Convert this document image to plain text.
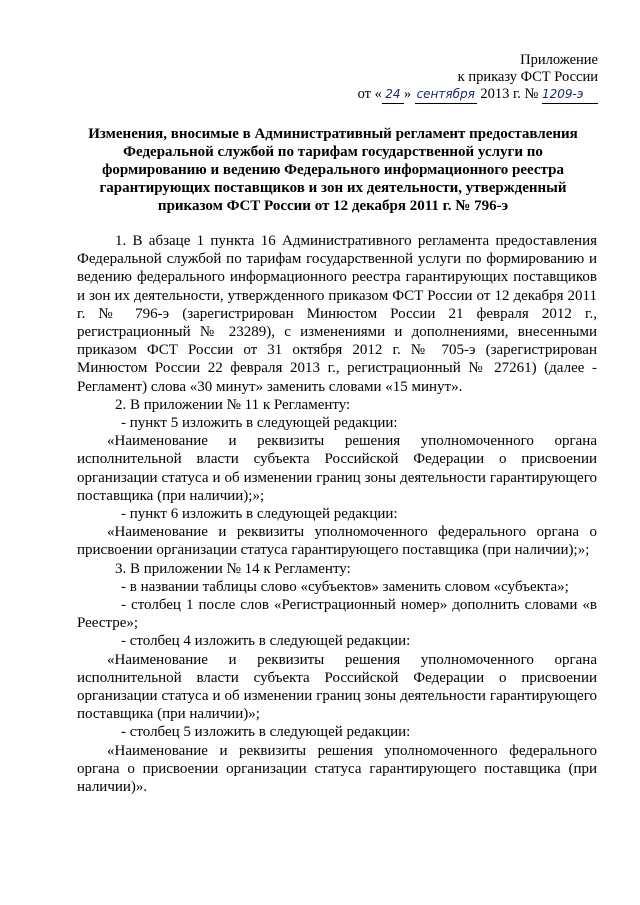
Приложение
к приказу ФСТ России
от « 24 » сентября 2013 г. № 1209-э
Изменения, вносимые в Административный регламент предоставления Федеральной службой по тарифам государственной услуги по формированию и ведению Федерального информационного реестра гарантирующих поставщиков и зон их деятельности, утвержденный приказом ФСТ России от 12 декабря 2011 г. № 796-э

1. В абзаце 1 пункта 16 Административного регламента предоставления Федеральной службой по тарифам государственной услуги по формированию и ведению федерального информационного реестра гарантирующих поставщиков и зон их деятельности, утвержденного приказом ФСТ России от 12 декабря 2011 г. № 796-э (зарегистрирован Минюстом России 21 февраля 2012 г., регистрационный № 23289), с изменениями и дополнениями, внесенными приказом ФСТ России от 31 октября 2012 г. № 705-э (зарегистрирован Минюстом России 22 февраля 2013 г., регистрационный № 27261) (далее - Регламент) слова «30 минут» заменить словами «15 минут».

2. В приложении № 11 к Регламенту:

- пункт 5 изложить в следующей редакции:

«Наименование и реквизиты решения уполномоченного органа исполнительной власти субъекта Российской Федерации о присвоении организации статуса и об изменении границ зоны деятельности гарантирующего поставщика (при наличии);»;

- пункт 6 изложить в следующей редакции:

«Наименование и реквизиты уполномоченного федерального органа о присвоении организации статуса гарантирующего поставщика (при наличии);»;

3. В приложении № 14 к Регламенту:

- в названии таблицы слово «субъектов» заменить словом «субъекта»;

- столбец 1 после слов «Регистрационный номер» дополнить словами «в Реестре»;

- столбец 4 изложить в следующей редакции:

«Наименование и реквизиты решения уполномоченного органа исполнительной власти субъекта Российской Федерации о присвоении организации статуса и об изменении границ зоны деятельности гарантирующего поставщика (при наличии)»;

- столбец 5 изложить в следующей редакции:

«Наименование и реквизиты решения уполномоченного федерального органа о присвоении организации статуса гарантирующего поставщика (при наличии)».
